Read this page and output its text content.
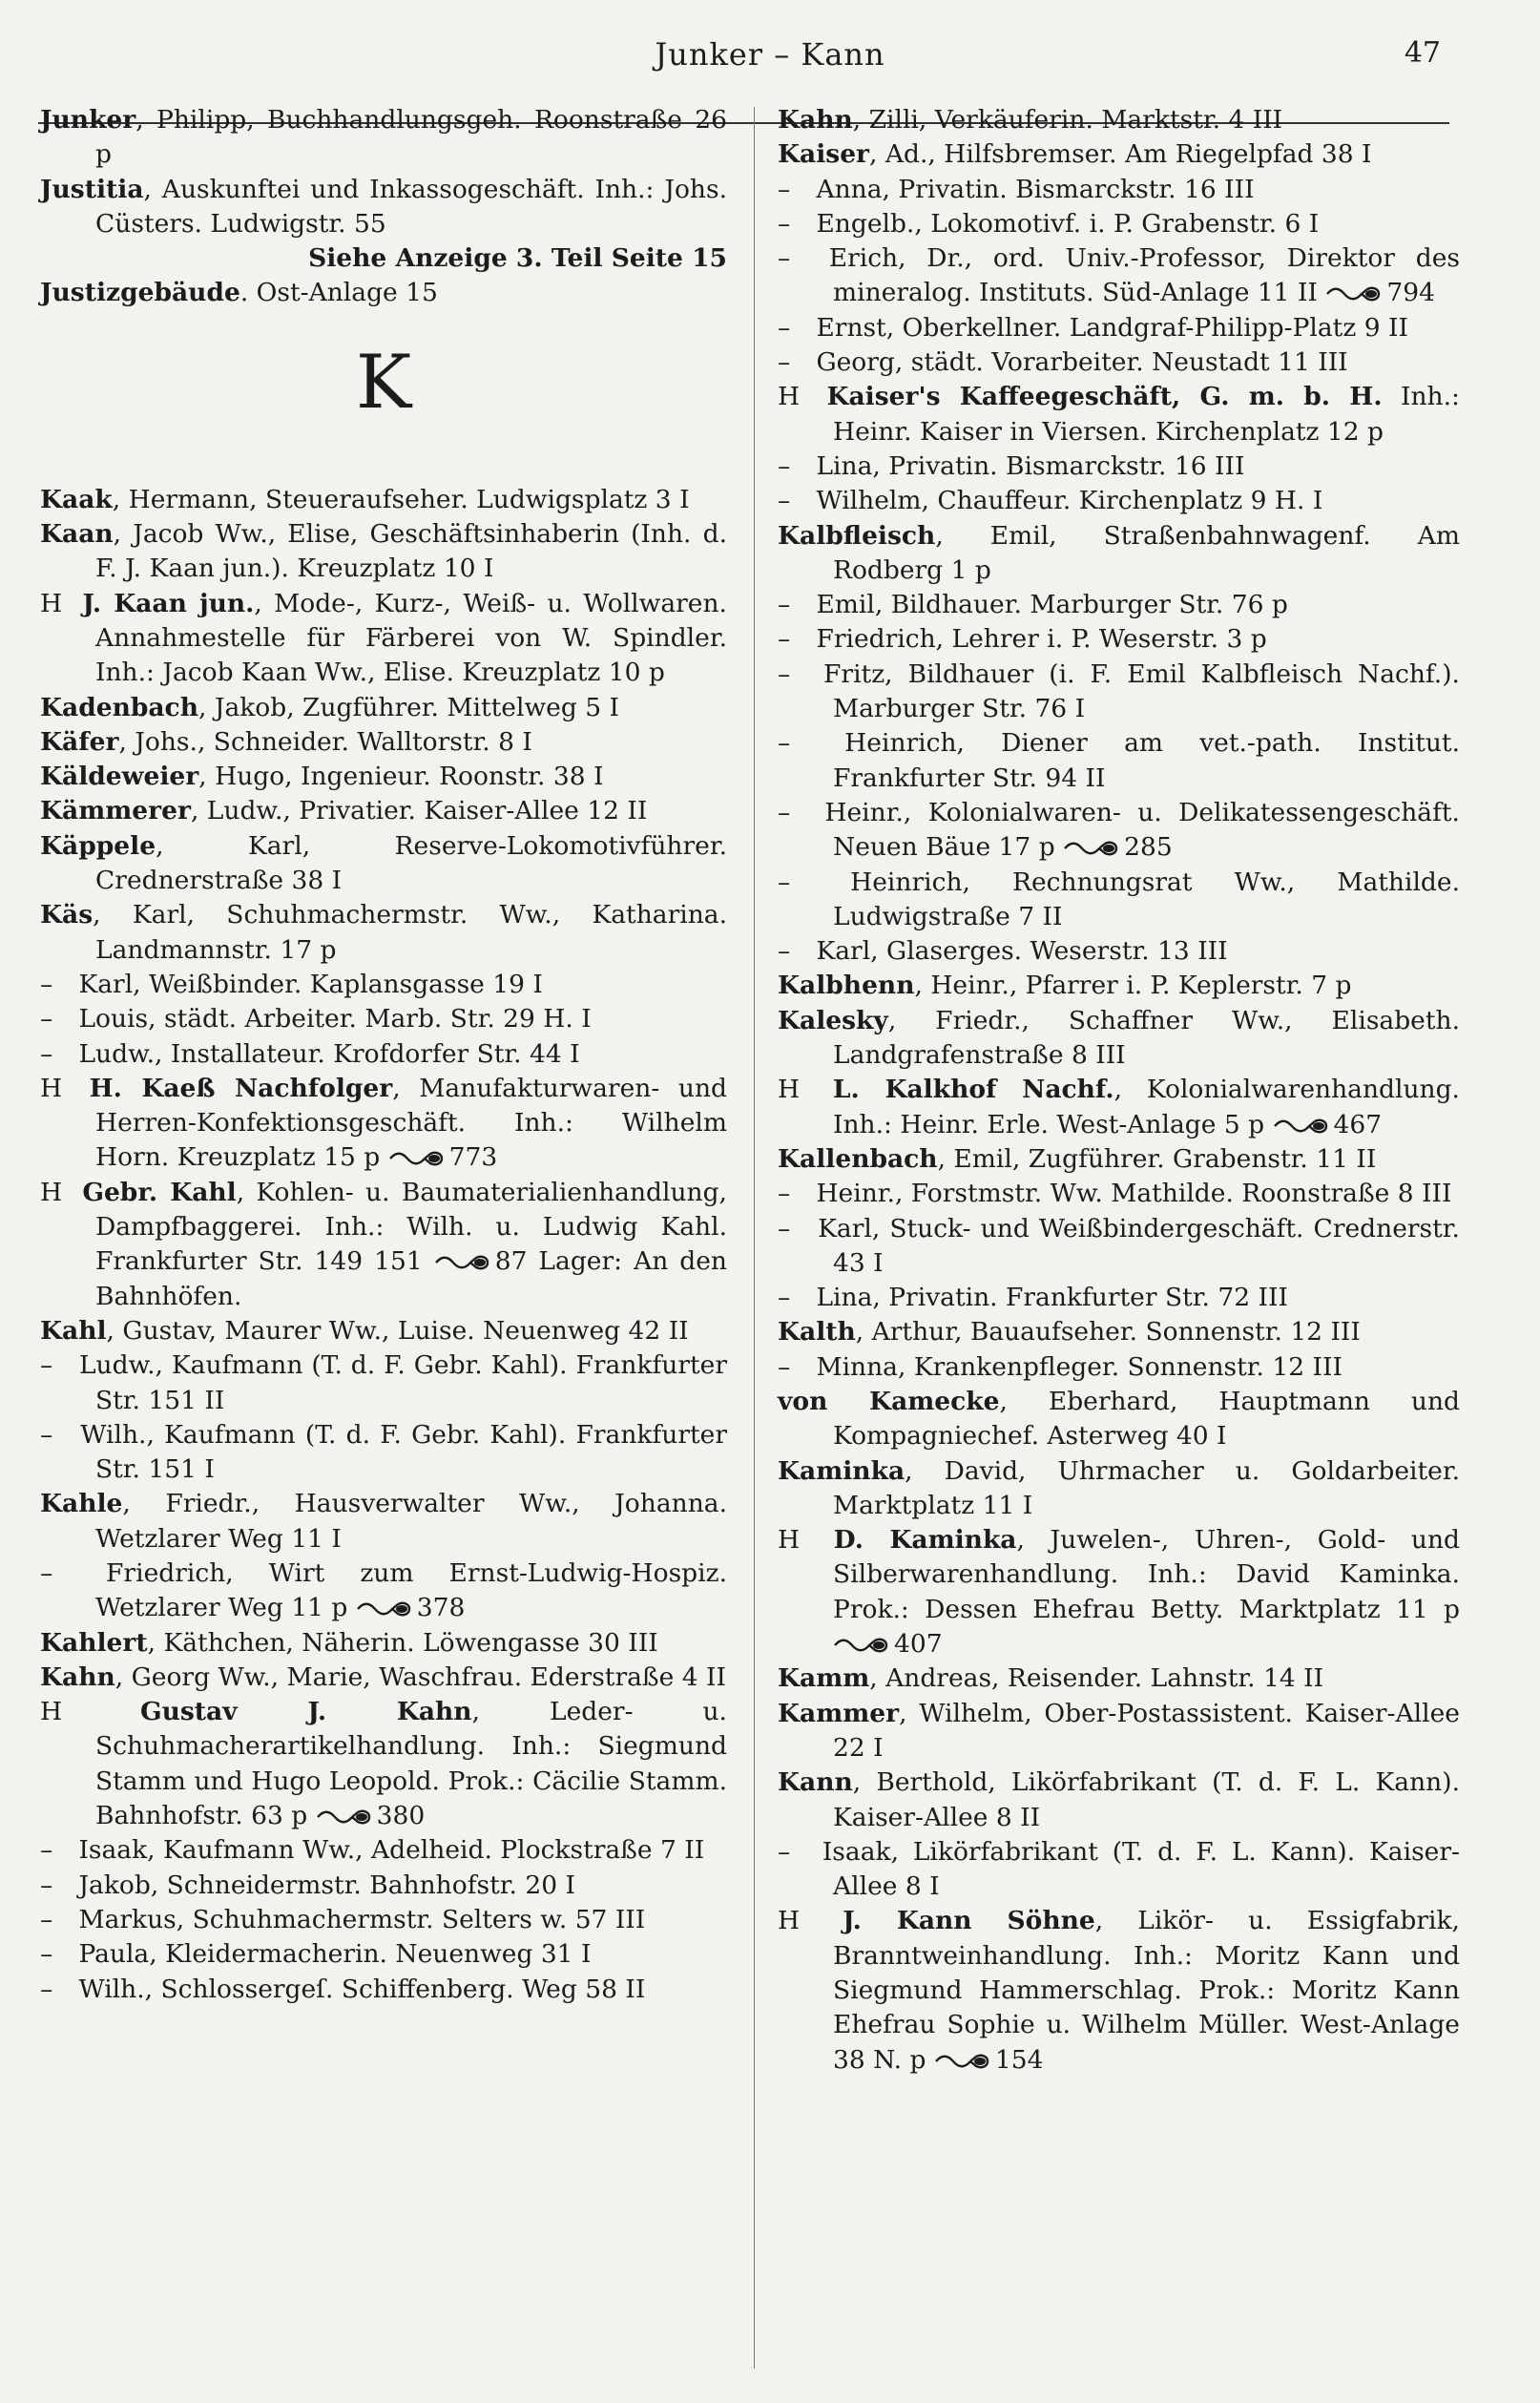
Junker – Kann	47

Junker, Philipp, Buchhandlungsgeh. Roonstraße 26 p

Justitia, Auskunftei und Inkassogeschäft. Inh.: Johs. Cüsters. Ludwigstr. 55

Siehe Anzeige 3. Teil Seite 15

Justizgebäude. Ost-Anlage 15

K

Kaak, Hermann, Steueraufseher. Ludwigsplatz 3 I

Kaan, Jacob Ww., Elise, Geschäftsinhaberin (Inh. d. F. J. Kaan jun.). Kreuzplatz 10 I

H J. Kaan jun., Mode-, Kurz-, Weiß- u. Wollwaren. Annahmestelle für Färberei von W. Spindler. Inh.: Jacob Kaan Ww., Elise. Kreuzplatz 10 p

Kadenbach, Jakob, Zugführer. Mittelweg 5 I

Käfer, Johs., Schneider. Walltorstr. 8 I

Käldeweier, Hugo, Ingenieur. Roonstr. 38 I

Kämmerer, Ludw., Privatier. Kaiser-Allee 12 II

Käppele, Karl, Reserve-Lokomotivführer. Crednerstraße 38 I

Käs, Karl, Schuhmachermstr. Ww., Katharina. Landmannstr. 17 p

– Karl, Weißbinder. Kaplansgasse 19 I

– Louis, städt. Arbeiter. Marb. Str. 29 H. I

– Ludw., Installateur. Krofdorfer Str. 44 I

H H. Kaeß Nachfolger, Manufakturwaren- und Herren-Konfektionsgeschäft. Inh.: Wilhelm Horn. Kreuzplatz 15 p	773

H Gebr. Kahl, Kohlen- u. Baumaterialienhandlung, Dampfbaggerei. Inh.: Wilh. u. Ludwig Kahl. Frankfurter Str. 149 151	87 Lager: An den Bahnhöfen.

Kahl, Gustav, Maurer Ww., Luise. Neuenweg 42 II

– Ludw., Kaufmann (T. d. F. Gebr. Kahl). Frankfurter Str. 151 II

– Wilh., Kaufmann (T. d. F. Gebr. Kahl). Frankfurter Str. 151 I

Kahle, Friedr., Hausverwalter Ww., Johanna. Wetzlarer Weg 11 I

– Friedrich, Wirt zum Ernst-Ludwig-Hospiz. Wetzlarer Weg 11 p	378

Kahlert, Käthchen, Näherin. Löwengasse 30 III

Kahn, Georg Ww., Marie, Waschfrau. Ederstraße 4 II

H	Gustav J. Kahn, Leder- u. Schuhmacherartikelhandlung. Inh.: Siegmund Stamm und Hugo Leopold. Prok.: Cäcilie Stamm. Bahnhofstr. 63 p	380

– Isaak, Kaufmann Ww., Adelheid. Plockstraße 7 II

– Jakob, Schneidermstr. Bahnhofstr. 20 I

– Markus, Schuhmachermstr. Selters w. 57 III

– Paula, Kleidermacherin. Neuenweg 31 I

– Wilh., Schlossergeſ. Schiffenberg. Weg 58 II

Kahn, Zilli, Verkäuferin. Marktstr. 4 III

Kaiser, Ad., Hilfsbremser. Am Riegelpfad 38 I

– Anna, Privatin. Bismarckstr. 16 III

– Engelb., Lokomotivf. i. P. Grabenstr. 6 I

– Erich, Dr., ord. Univ.-Professor, Direktor des mineralog. Instituts. Süd-Anlage 11 II	794

– Ernst, Oberkellner. Landgraf-Philipp-Platz 9 II

– Georg, städt. Vorarbeiter. Neustadt 11 III

H Kaiser's Kaffeegeschäft, G. m. b. H. Inh.: Heinr. Kaiser in Viersen. Kirchenplatz 12 p

– Lina, Privatin. Bismarckstr. 16 III

– Wilhelm, Chauffeur. Kirchenplatz 9 H. I

Kalbfleisch, Emil, Straßenbahnwagenf. Am Rodberg 1 p

– Emil, Bildhauer. Marburger Str. 76 p

– Friedrich, Lehrer i. P. Weserstr. 3 p

– Fritz, Bildhauer (i. F. Emil Kalbfleisch Nachf.). Marburger Str. 76 I

– Heinrich, Diener am vet.-path. Institut. Frankfurter Str. 94 II

– Heinr., Kolonialwaren- u. Delikatessengeschäft. Neuen Bäue 17 p	285

– Heinrich, Rechnungsrat Ww., Mathilde. Ludwigstraße 7 II

– Karl, Glaserges. Weserstr. 13 III

Kalbhenn, Heinr., Pfarrer i. P. Keplerstr. 7 p

Kalesky, Friedr., Schaffner Ww., Elisabeth. Landgrafenstraße 8 III

H L. Kalkhof Nachf., Kolonialwarenhandlung. Inh.: Heinr. Erle. West-Anlage 5 p	467

Kallenbach, Emil, Zugführer. Grabenstr. 11 II

– Heinr., Forstmstr. Ww. Mathilde. Roonstraße 8 III

– Karl, Stuck- und Weißbindergeschäft. Crednerstr. 43 I

– Lina, Privatin. Frankfurter Str. 72 III

Kalth, Arthur, Bauaufseher. Sonnenstr. 12 III

– Minna, Krankenpfleger. Sonnenstr. 12 III

von Kamecke, Eberhard, Hauptmann und Kompagniechef. Asterweg 40 I

Kaminka, David, Uhrmacher u. Goldarbeiter. Marktplatz 11 I

H D. Kaminka, Juwelen-, Uhren-, Gold- und Silberwarenhandlung. Inh.: David Kaminka. Prok.: Dessen Ehefrau Betty. Marktplatz 11 p
407

Kamm, Andreas, Reisender. Lahnstr. 14 II

Kammer, Wilhelm, Ober-Postassistent. Kaiser-Allee 22 I

Kann, Berthold, Likörfabrikant (T. d. F. L. Kann). Kaiser-Allee 8 II

– Isaak, Likörfabrikant (T. d. F. L. Kann). Kaiser-Allee 8 I

H J. Kann Söhne, Likör- u. Essigfabrik, Branntweinhandlung. Inh.: Moritz Kann und Siegmund Hammerschlag. Prok.: Moritz Kann Ehefrau Sophie u. Wilhelm Müller. West-Anlage 38 N. p	154
